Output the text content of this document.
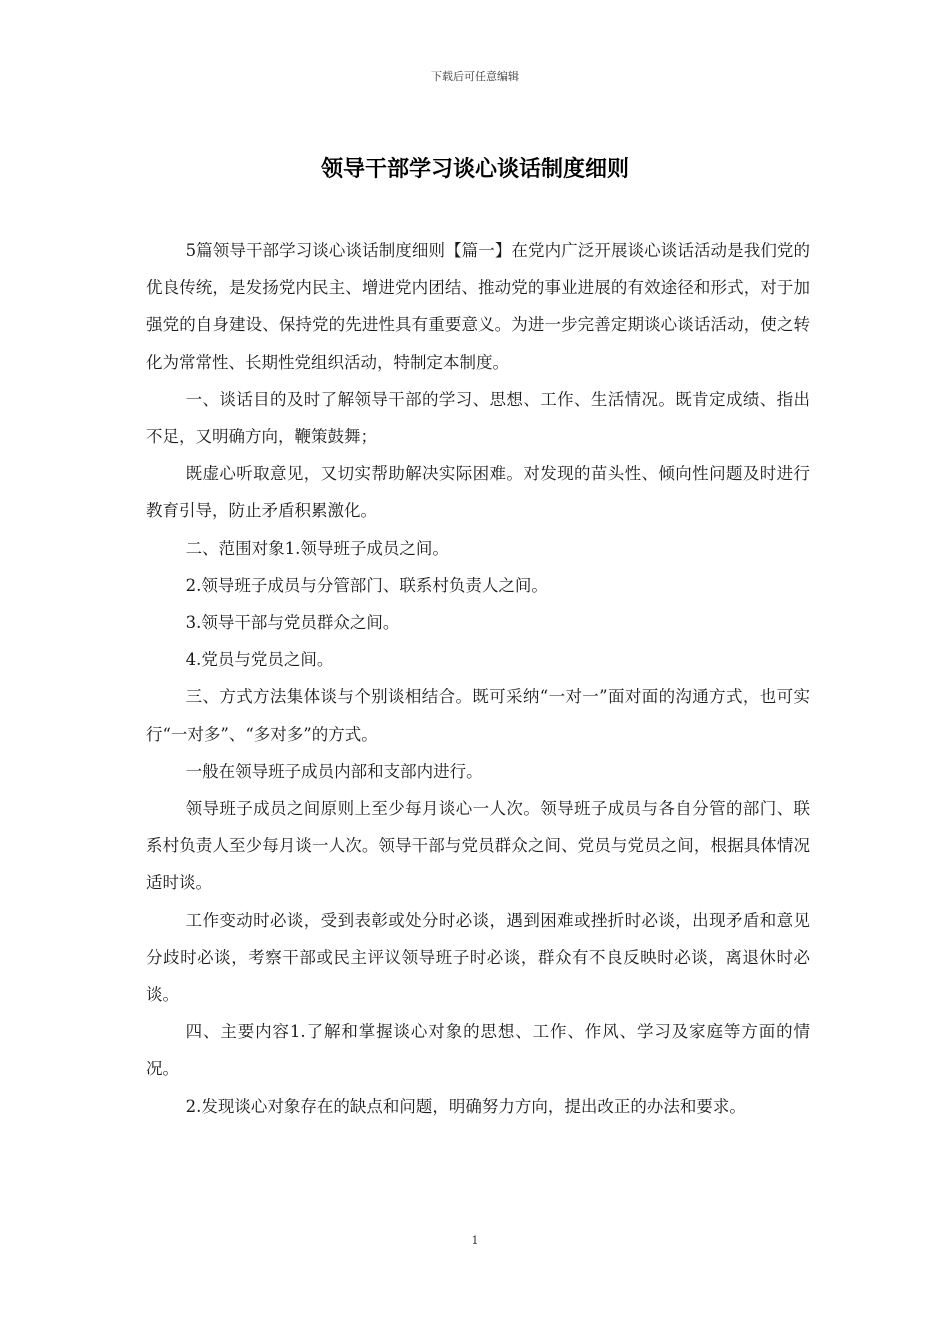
下载后可任意编辑
领导干部学习谈心谈话制度细则

5篇领导干部学习谈心谈话制度细则【篇一】在党内广泛开展谈心谈话活动是我们党的优良传统，是发扬党内民主、增进党内团结、推动党的事业进展的有效途径和形式，对于加强党的自身建设、保持党的先进性具有重要意义。为进一步完善定期谈心谈话活动，使之转化为常常性、长期性党组织活动，特制定本制度。

一、谈话目的及时了解领导干部的学习、思想、工作、生活情况。既肯定成绩、指出不足，又明确方向，鞭策鼓舞；

既虚心听取意见，又切实帮助解决实际困难。对发现的苗头性、倾向性问题及时进行教育引导，防止矛盾积累激化。

二、范围对象1.领导班子成员之间。

2.领导班子成员与分管部门、联系村负责人之间。

3.领导干部与党员群众之间。

4.党员与党员之间。

三、方式方法集体谈与个别谈相结合。既可采纳“一对一”面对面的沟通方式，也可实行“一对多”、“多对多”的方式。

一般在领导班子成员内部和支部内进行。

领导班子成员之间原则上至少每月谈心一人次。领导班子成员与各自分管的部门、联系村负责人至少每月谈一人次。领导干部与党员群众之间、党员与党员之间，根据具体情况适时谈。

工作变动时必谈，受到表彰或处分时必谈，遇到困难或挫折时必谈，出现矛盾和意见分歧时必谈，考察干部或民主评议领导班子时必谈，群众有不良反映时必谈，离退休时必谈。

四、主要内容1.了解和掌握谈心对象的思想、工作、作风、学习及家庭等方面的情况。

2.发现谈心对象存在的缺点和问题，明确努力方向，提出改正的办法和要求。

1
